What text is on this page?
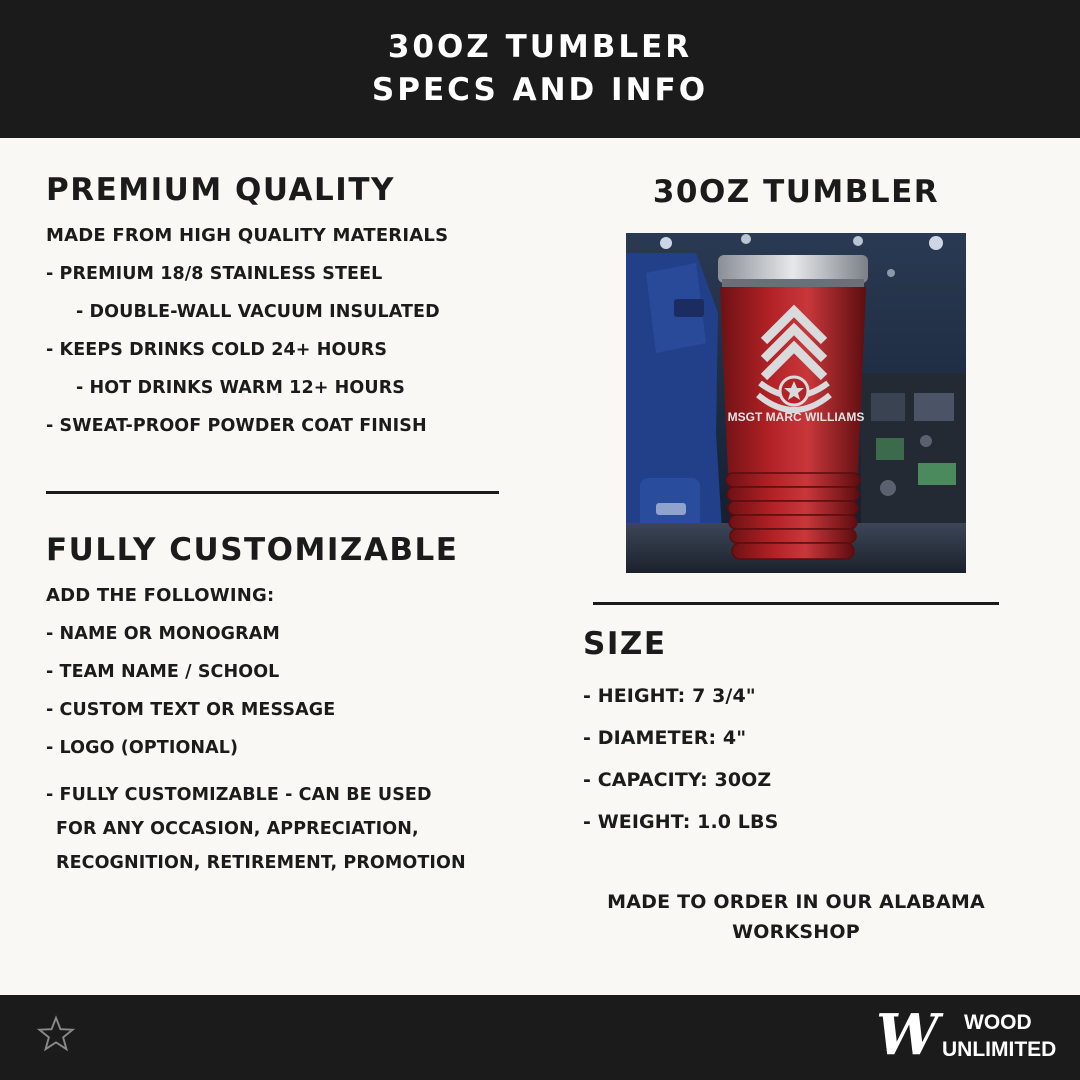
30OZ TUMBLER
SPECS AND INFO
PREMIUM QUALITY
MADE FROM HIGH QUALITY MATERIALS
- PREMIUM 18/8 STAINLESS STEEL
- DOUBLE-WALL VACUUM INSULATED
- KEEPS DRINKS COLD 24+ HOURS
- HOT DRINKS WARM 12+ HOURS
- SWEAT-PROOF POWDER COAT FINISH
FULLY CUSTOMIZABLE
ADD THE FOLLOWING:
- NAME OR MONOGRAM
- TEAM NAME / SCHOOL
- CUSTOM TEXT OR MESSAGE
- LOGO (OPTIONAL)
- FULLY CUSTOMIZABLE - CAN BE USED
FOR ANY OCCASION, APPRECIATION,
RECOGNITION, RETIREMENT, PROMOTION
30OZ TUMBLER
MSGT MARC WILLIAMS
SIZE
- HEIGHT: 7 3/4"
- DIAMETER: 4"
- CAPACITY: 30OZ
- WEIGHT: 1.0 LBS
MADE TO ORDER IN OUR ALABAMA
WORKSHOP
W	WOOD
UNLIMITED
